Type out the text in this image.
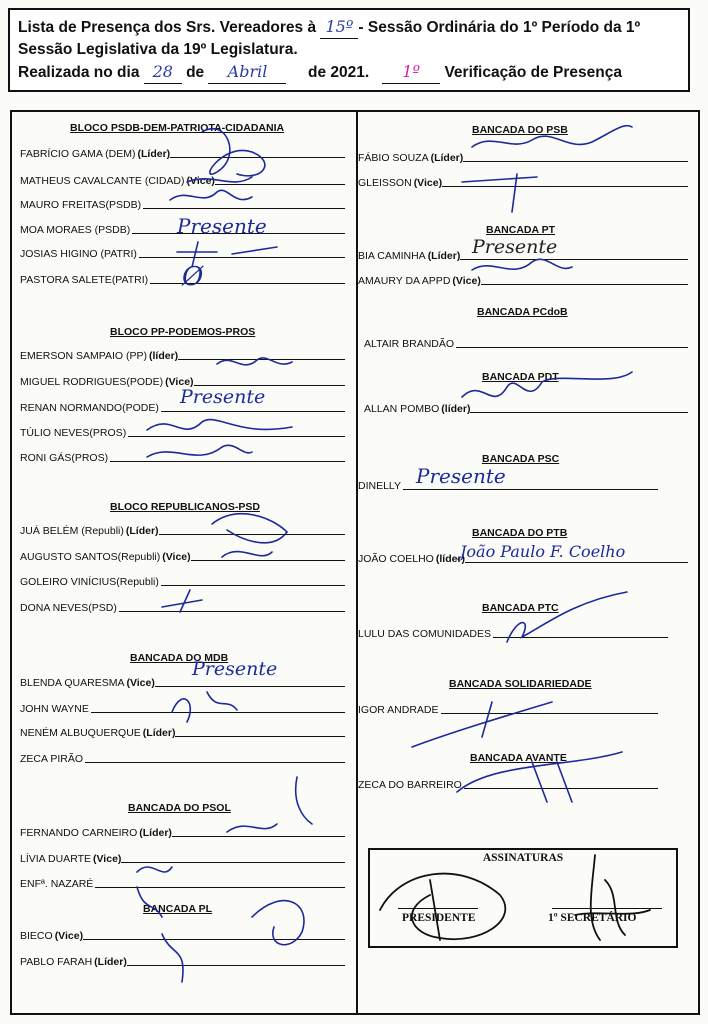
Lista de Presença dos Srs. Vereadores à 15º - Sessão Ordinária do 1º Período da 1º
Sessão Legislativa da 19º Legislatura.
Realizada no dia 28 de Abril	de 2021. 1º Verificação de Presença
BLOCO PSDB-DEM-PATRIOTA-CIDADANIA
FABRÍCIO GAMA (DEM) (Líder)
MATHEUS CAVALCANTE (CIDAD) (Vice)
MAURO FREITAS(PSDB)
MOA MORAES (PSDB)
JOSIAS HIGINO (PATRI)
PASTORA SALETE(PATRI)
BLOCO PP-PODEMOS-PROS
EMERSON SAMPAIO (PP) (líder)
MIGUEL RODRIGUES(PODE) (Vice)
RENAN NORMANDO(PODE)
TÚLIO NEVES(PROS)
RONI GÁS(PROS)
BLOCO REPUBLICANOS-PSD
JUÁ BELÉM (Republi) (Líder)
AUGUSTO SANTOS(Republi) (Vice)
GOLEIRO VINÍCIUS(Republi)
DONA NEVES(PSD)
BANCADA DO MDB
BLENDA QUARESMA (Vice)
JOHN WAYNE
NENÉM ALBUQUERQUE (Líder)
ZECA PIRÃO
BANCADA DO PSOL
FERNANDO CARNEIRO (Líder)
LÍVIA DUARTE (Vice)
ENFª. NAZARÉ
BANCADA PL
BIECO (Vice)
PABLO FARAH (Líder)
BANCADA DO PSB
FÁBIO SOUZA (Líder)
GLEISSON (Vice)
BANCADA PT
BIA CAMINHA (Líder)
AMAURY DA APPD (Vice)
BANCADA PCdoB
ALTAIR BRANDÃO
BANCADA PDT
ALLAN POMBO (líder)
BANCADA PSC
DINELLY
BANCADA DO PTB
JOÃO COELHO (líder)
BANCADA PTC
LULU DAS COMUNIDADES
BANCADA SOLIDARIEDADE
IGOR ANDRADE
BANCADA AVANTE
ZECA DO BARREIRO
Presente
Presente
Presente
Presente
João Paulo F. Coelho
Presente
Ø
ASSINATURAS
PRESIDENTE	1º SECRETÁRIO
